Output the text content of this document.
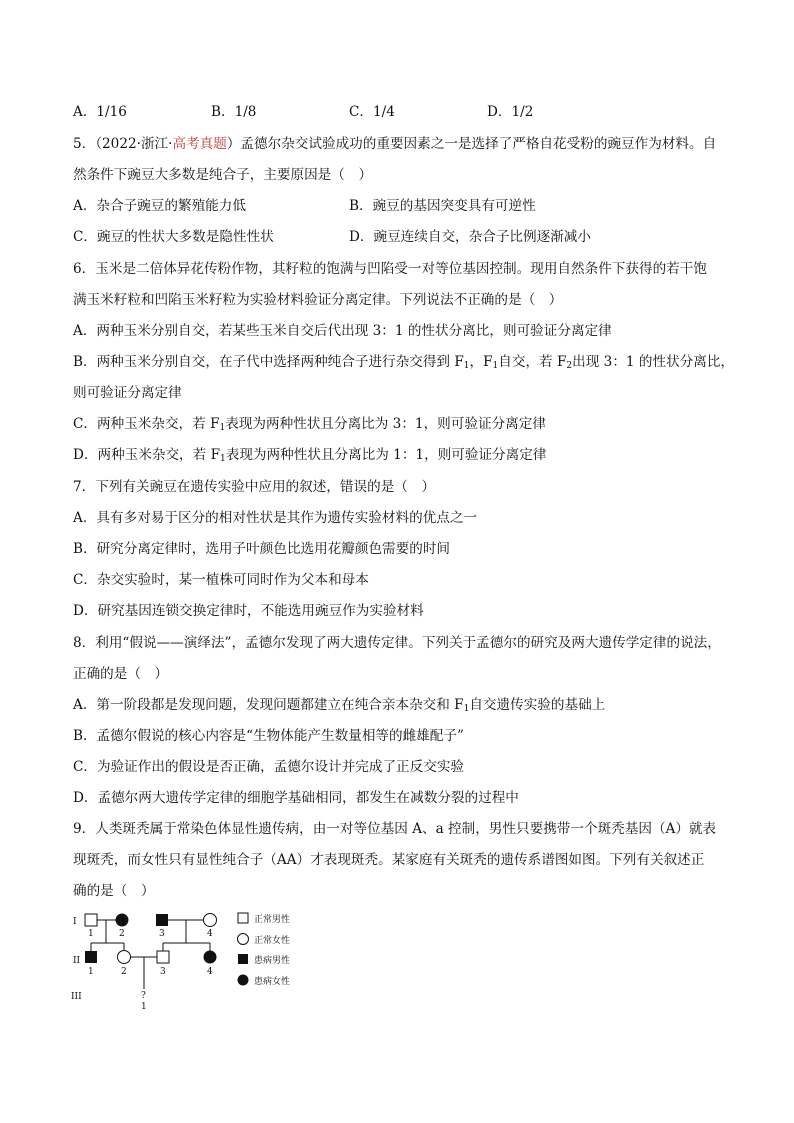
A．1/16	B．1/8	C．1/4	D．1/2
5．（2022·浙江·高考真题）孟德尔杂交试验成功的重要因素之一是选择了严格自花受粉的豌豆作为材料。自
然条件下豌豆大多数是纯合子，主要原因是（　）
A．杂合子豌豆的繁殖能力低	B．豌豆的基因突变具有可逆性
C．豌豆的性状大多数是隐性性状	D．豌豆连续自交，杂合子比例逐渐减小
6．玉米是二倍体异花传粉作物，其籽粒的饱满与凹陷受一对等位基因控制。现用自然条件下获得的若干饱
满玉米籽粒和凹陷玉米籽粒为实验材料验证分离定律。下列说法不正确的是（　）
A．两种玉米分别自交，若某些玉米自交后代出现 3：1 的性状分离比，则可验证分离定律
B．两种玉米分别自交，在子代中选择两种纯合子进行杂交得到 $F_1$，$F_1$自交，若 $F_2$出现 3：1 的性状分离比，
则可验证分离定律
C．两种玉米杂交，若 $F_1$表现为两种性状且分离比为 3：1，则可验证分离定律
D．两种玉米杂交，若 $F_1$表现为两种性状且分离比为 1：1，则可验证分离定律
7．下列有关豌豆在遗传实验中应用的叙述，错误的是（　）
A．具有多对易于区分的相对性状是其作为遗传实验材料的优点之一
B．研究分离定律时，选用子叶颜色比选用花瓣颜色需要的时间
C．杂交实验时，某一植株可同时作为父本和母本
D．研究基因连锁交换定律时，不能选用豌豆作为实验材料
8．利用“假说——演绎法”，孟德尔发现了两大遗传定律。下列关于孟德尔的研究及两大遗传学定律的说法，
正确的是（　）
A．第一阶段都是发现问题，发现问题都建立在纯合亲本杂交和 $F_1$自交遗传实验的基础上
B．孟德尔假说的核心内容是“生物体能产生数量相等的雌雄配子”
C．为验证作出的假设是否正确，孟德尔设计并完成了正反交实验
D．孟德尔两大遗传学定律的细胞学基础相同，都发生在减数分裂的过程中
9．人类斑秃属于常染色体显性遗传病，由一对等位基因 A、a 控制，男性只要携带一个斑秃基因（A）就表
现斑秃，而女性只有显性纯合子（AA）才表现斑秃。某家庭有关斑秃的遗传系谱图如图。下列有关叙述正
确的是（　）
I
II
III
1	2	3	4
1	2	3	4
?
1
正常男性
正常女性
患病男性
患病女性
